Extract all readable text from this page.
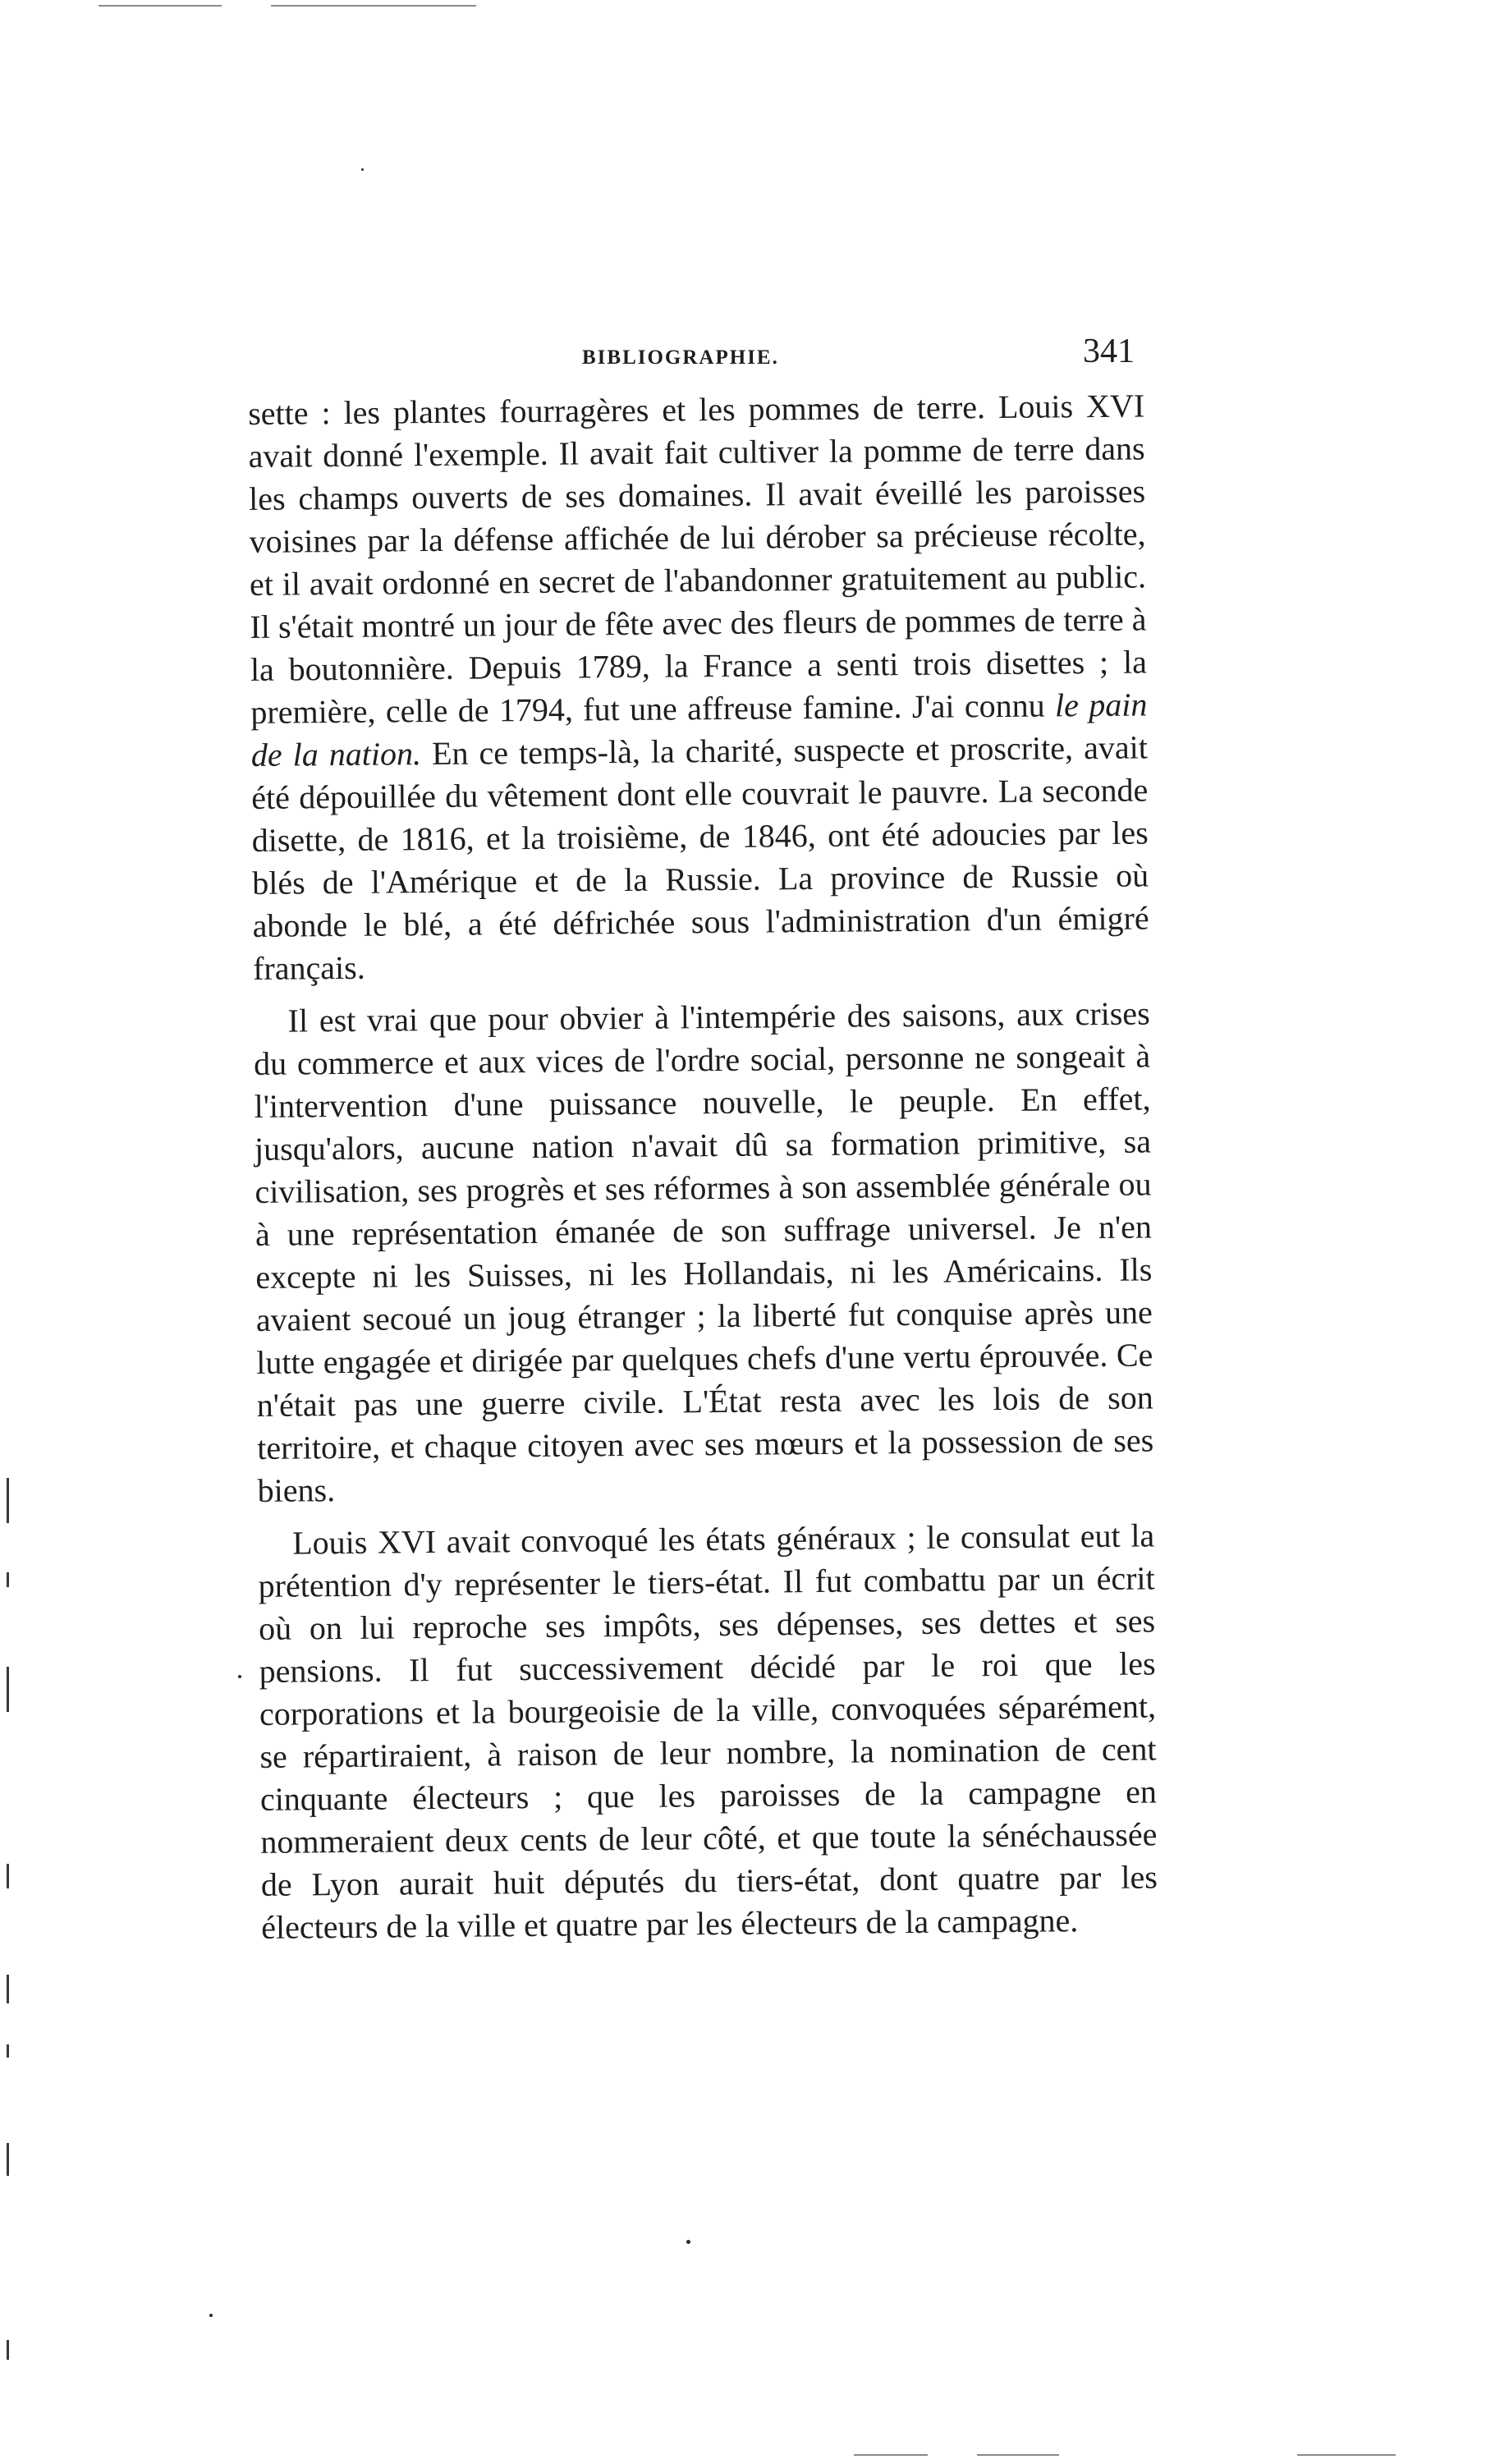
BIBLIOGRAPHIE.	341

sette : les plantes fourragères et les pommes de terre. Louis XVI avait donné l'exemple. Il avait fait cultiver la pomme de terre dans les champs ouverts de ses domaines. Il avait éveillé les paroisses voisines par la défense affichée de lui dérober sa précieuse récolte, et il avait ordonné en secret de l'abandonner gratuitement au public. Il s'était montré un jour de fête avec des fleurs de pommes de terre à la boutonnière. Depuis 1789, la France a senti trois disettes ; la première, celle de 1794, fut une affreuse famine. J'ai connu le pain de la nation. En ce temps-là, la charité, suspecte et proscrite, avait été dépouillée du vêtement dont elle couvrait le pauvre. La seconde disette, de 1816, et la troisième, de 1846, ont été adoucies par les blés de l'Amérique et de la Russie. La province de Russie où abonde le blé, a été défrichée sous l'administration d'un émigré français.

Il est vrai que pour obvier à l'intempérie des saisons, aux crises du commerce et aux vices de l'ordre social, personne ne songeait à l'intervention d'une puissance nouvelle, le peuple. En effet, jusqu'alors, aucune nation n'avait dû sa formation primitive, sa civilisation, ses progrès et ses réformes à son assemblée générale ou à une représentation émanée de son suffrage universel. Je n'en excepte ni les Suisses, ni les Hollandais, ni les Américains. Ils avaient secoué un joug étranger ; la liberté fut conquise après une lutte engagée et dirigée par quelques chefs d'une vertu éprouvée. Ce n'était pas une guerre civile. L'État resta avec les lois de son territoire, et chaque citoyen avec ses mœurs et la possession de ses biens.

Louis XVI avait convoqué les états généraux ; le consulat eut la prétention d'y représenter le tiers-état. Il fut combattu par un écrit où on lui reproche ses impôts, ses dépenses, ses dettes et ses pensions. Il fut successivement décidé par le roi que les corporations et la bourgeoisie de la ville, convoquées séparément, se répartiraient, à raison de leur nombre, la nomination de cent cinquante électeurs ; que les paroisses de la campagne en nommeraient deux cents de leur côté, et que toute la sénéchaussée de Lyon aurait huit députés du tiers-état, dont quatre par les électeurs de la ville et quatre par les électeurs de la campagne.
